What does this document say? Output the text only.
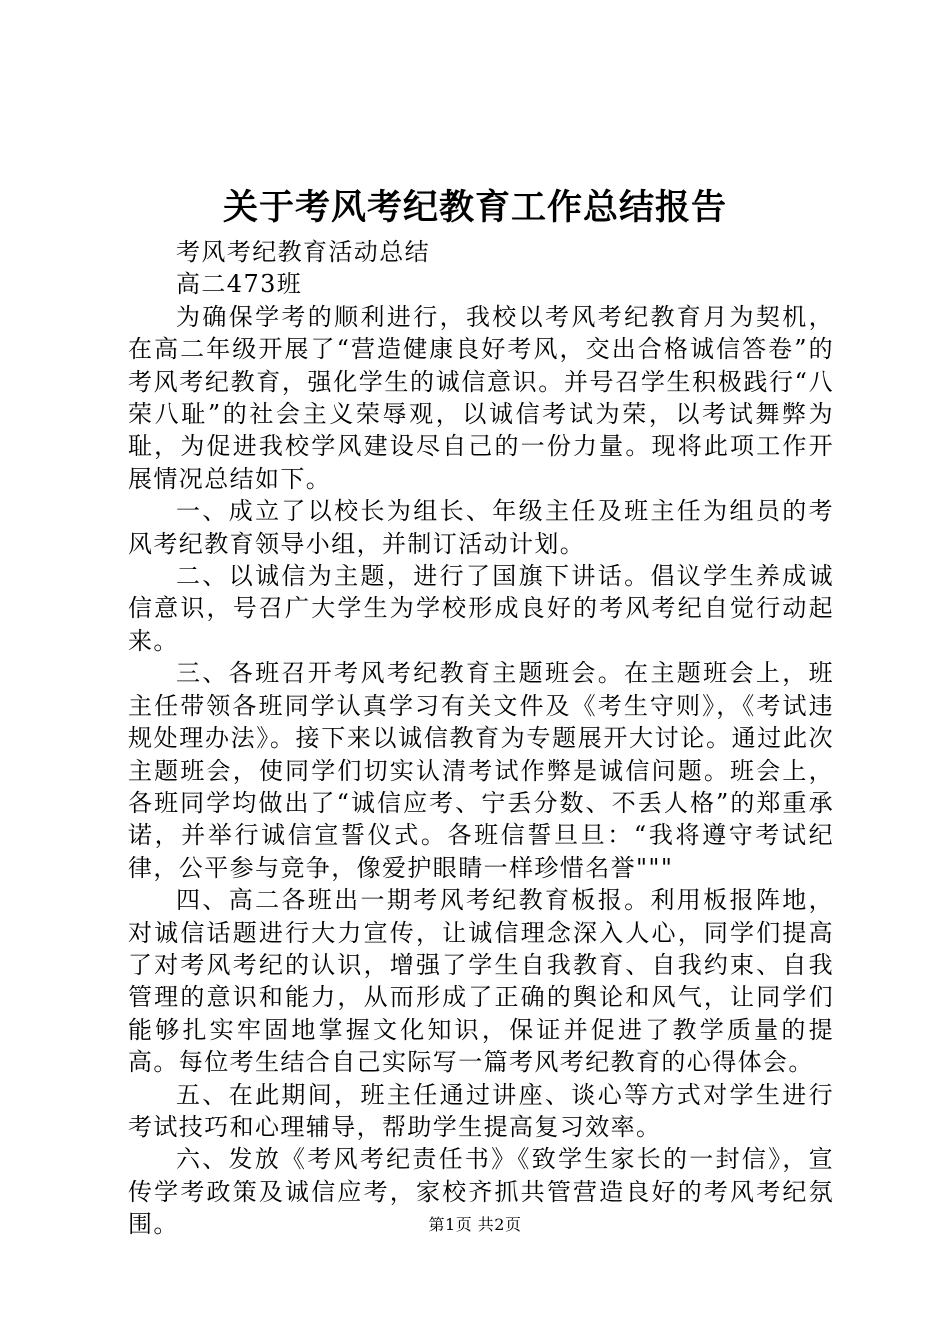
关于考风考纪教育工作总结报告

考风考纪教育活动总结

高二473班

为确保学考的顺利进行，我校以考风考纪教育月为契机，在高二年级开展了“营造健康良好考风，交出合格诚信答卷”的考风考纪教育，强化学生的诚信意识。并号召学生积极践行“八荣八耻”的社会主义荣辱观，以诚信考试为荣，以考试舞弊为耻，为促进我校学风建设尽自己的一份力量。现将此项工作开展情况总结如下。

一、成立了以校长为组长、年级主任及班主任为组员的考风考纪教育领导小组，并制订活动计划。

二、以诚信为主题，进行了国旗下讲话。倡议学生养成诚信意识，号召广大学生为学校形成良好的考风考纪自觉行动起来。

三、各班召开考风考纪教育主题班会。在主题班会上，班主任带领各班同学认真学习有关文件及《考生守则》，《考试违规处理办法》。接下来以诚信教育为专题展开大讨论。通过此次主题班会，使同学们切实认清考试作弊是诚信问题。班会上，各班同学均做出了“诚信应考、宁丢分数、不丢人格”的郑重承诺，并举行诚信宣誓仪式。各班信誓旦旦：“我将遵守考试纪律，公平参与竞争，像爱护眼睛一样珍惜名誉"""

四、高二各班出一期考风考纪教育板报。利用板报阵地，对诚信话题进行大力宣传，让诚信理念深入人心，同学们提高了对考风考纪的认识，增强了学生自我教育、自我约束、自我管理的意识和能力，从而形成了正确的舆论和风气，让同学们能够扎实牢固地掌握文化知识，保证并促进了教学质量的提高。每位考生结合自己实际写一篇考风考纪教育的心得体会。

五、在此期间，班主任通过讲座、谈心等方式对学生进行考试技巧和心理辅导，帮助学生提高复习效率。

六、发放《考风考纪责任书》《致学生家长的一封信》，宣传学考政策及诚信应考，家校齐抓共管营造良好的考风考纪氛围。	第1页 共2页
